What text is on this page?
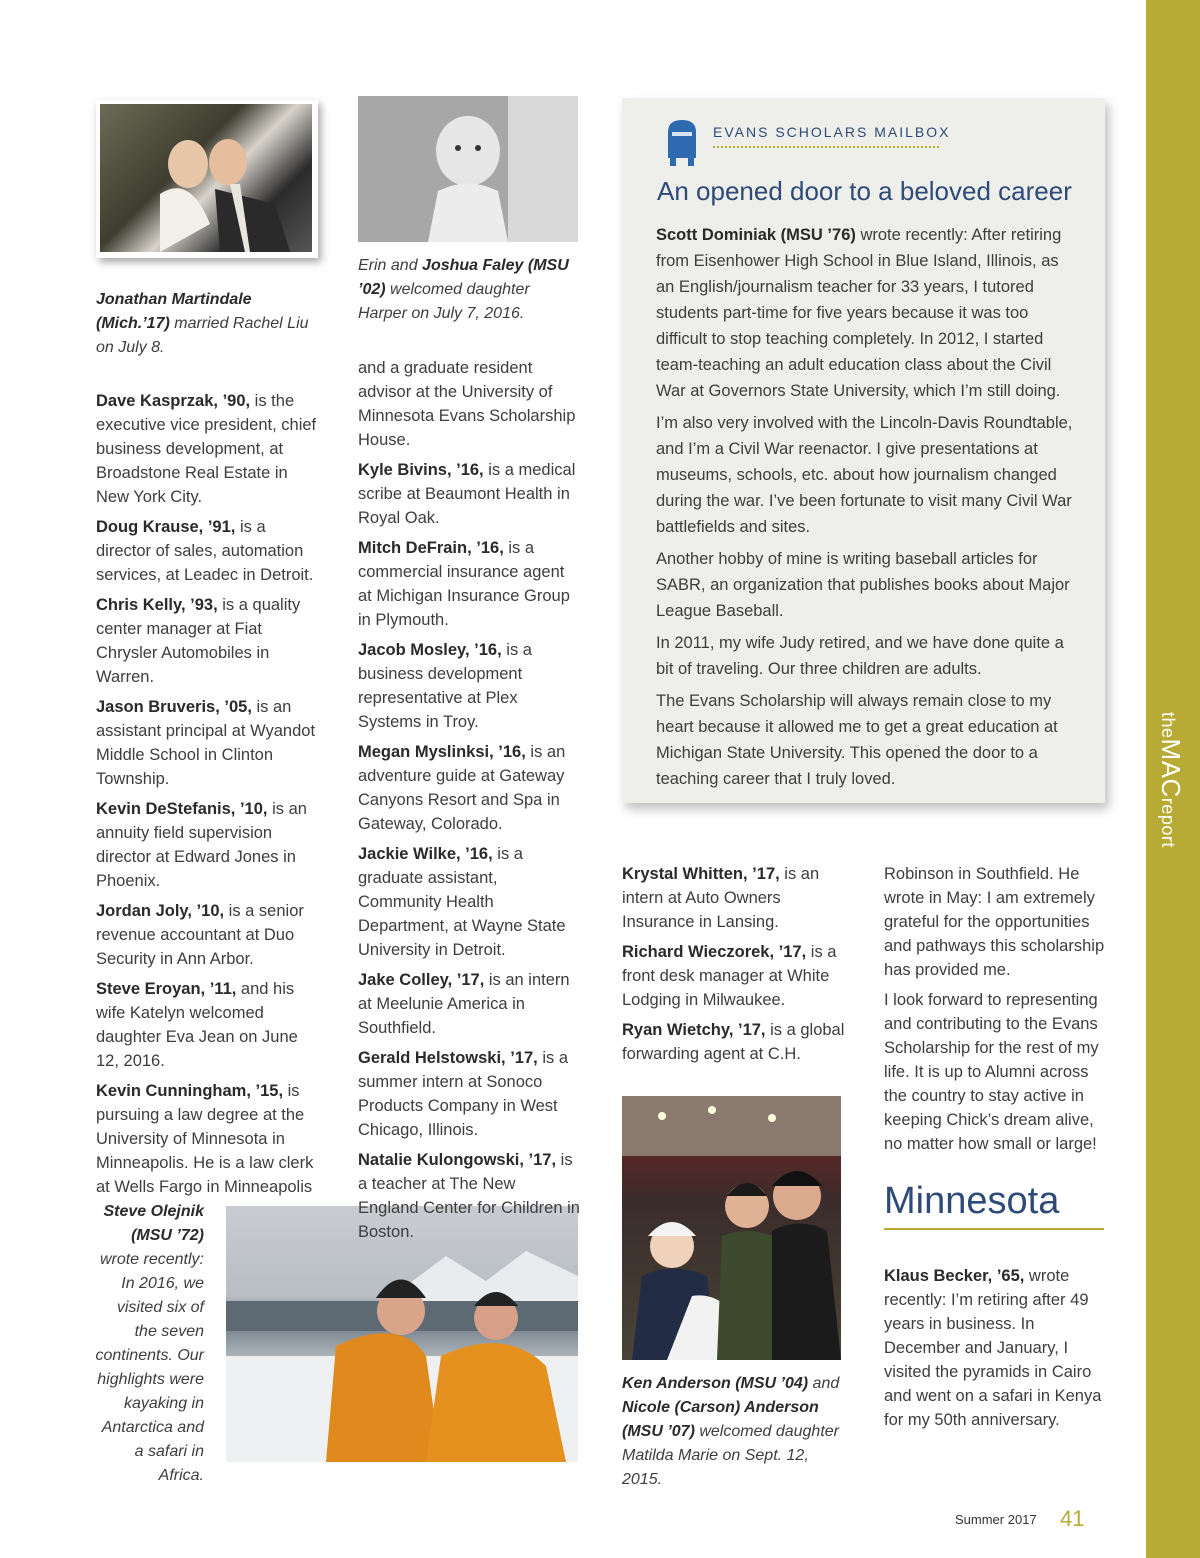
theMACreport
Jonathan Martindale (Mich.’17) married Rachel Liu on July 8.

Dave Kasprzak, ’90, is the executive vice president, chief business development, at Broadstone Real Estate in New York City.

Doug Krause, ’91, is a director of sales, automation services, at Leadec in Detroit.

Chris Kelly, ’93, is a quality center manager at Fiat Chrysler Automobiles in Warren.

Jason Bruveris, ’05, is an assistant principal at Wyandot Middle School in Clinton Township.

Kevin DeStefanis, ’10, is an annuity field supervision director at Edward Jones in Phoenix.

Jordan Joly, ’10, is a senior revenue accountant at Duo Security in Ann Arbor.

Steve Eroyan, ’11, and his wife Katelyn welcomed daughter Eva Jean on June 12, 2016.

Kevin Cunningham, ’15, is pursuing a law degree at the University of Minnesota in Minneapolis. He is a law clerk at Wells Fargo in Minneapolis

Steve Olejnik (MSU ’72) wrote recently: In 2016, we visited six of the seven continents. Our highlights were kayaking in Antarctica and a safari in Africa.
Erin and Joshua Faley (MSU ’02) welcomed daughter Harper on July 7, 2016.

and a graduate resident advisor at the University of Minnesota Evans Scholarship House.

Kyle Bivins, ’16, is a medical scribe at Beaumont Health in Royal Oak.

Mitch DeFrain, ’16, is a commercial insurance agent at Michigan Insurance Group in Plymouth.

Jacob Mosley, ’16, is a business development representative at Plex Systems in Troy.

Megan Myslinksi, ’16, is an adventure guide at Gateway Canyons Resort and Spa in Gateway, Colorado.

Jackie Wilke, ’16, is a graduate assistant, Community Health Department, at Wayne State University in Detroit.

Jake Colley, ’17, is an intern at Meelunie America in Southfield.

Gerald Helstowski, ’17, is a summer intern at Sonoco Products Company in West Chicago, Illinois.

Natalie Kulongowski, ’17, is a teacher at The New England Center for Children in Boston.

EVANS SCHOLARS MAILBOX
An opened door to a beloved career

Scott Dominiak (MSU ’76) wrote recently: After retiring from Eisenhower High School in Blue Island, Illinois, as an English/journalism teacher for 33 years, I tutored students part-time for five years because it was too difficult to stop teaching completely. In 2012, I started team-teaching an adult education class about the Civil War at Governors State University, which I’m still doing.

I’m also very involved with the Lincoln-Davis Roundtable, and I’m a Civil War reenactor. I give presentations at museums, schools, etc. about how journalism changed during the war. I’ve been fortunate to visit many Civil War battlefields and sites.

Another hobby of mine is writing baseball articles for SABR, an organization that publishes books about Major League Baseball.

In 2011, my wife Judy retired, and we have done quite a bit of traveling. Our three children are adults.

The Evans Scholarship will always remain close to my heart because it allowed me to get a great education at Michigan State University. This opened the door to a teaching career that I truly loved.

Krystal Whitten, ’17, is an intern at Auto Owners Insurance in Lansing.

Richard Wieczorek, ’17, is a front desk manager at White Lodging in Milwaukee.

Ryan Wietchy, ’17, is a global forwarding agent at C.H.

Ken Anderson (MSU ’04) and Nicole (Carson) Anderson (MSU ’07) welcomed daughter Matilda Marie on Sept. 12, 2015.

Robinson in Southfield. He wrote in May: I am extremely grateful for the opportunities and pathways this scholarship has provided me.

I look forward to representing and contributing to the Evans Scholarship for the rest of my life. It is up to Alumni across the country to stay active in keeping Chick’s dream alive, no matter how small or large!

Minnesota

Klaus Becker, ’65, wrote recently: I’m retiring after 49 years in business. In December and January, I visited the pyramids in Cairo and went on a safari in Kenya for my 50th anniversary.

Summer 2017 41
